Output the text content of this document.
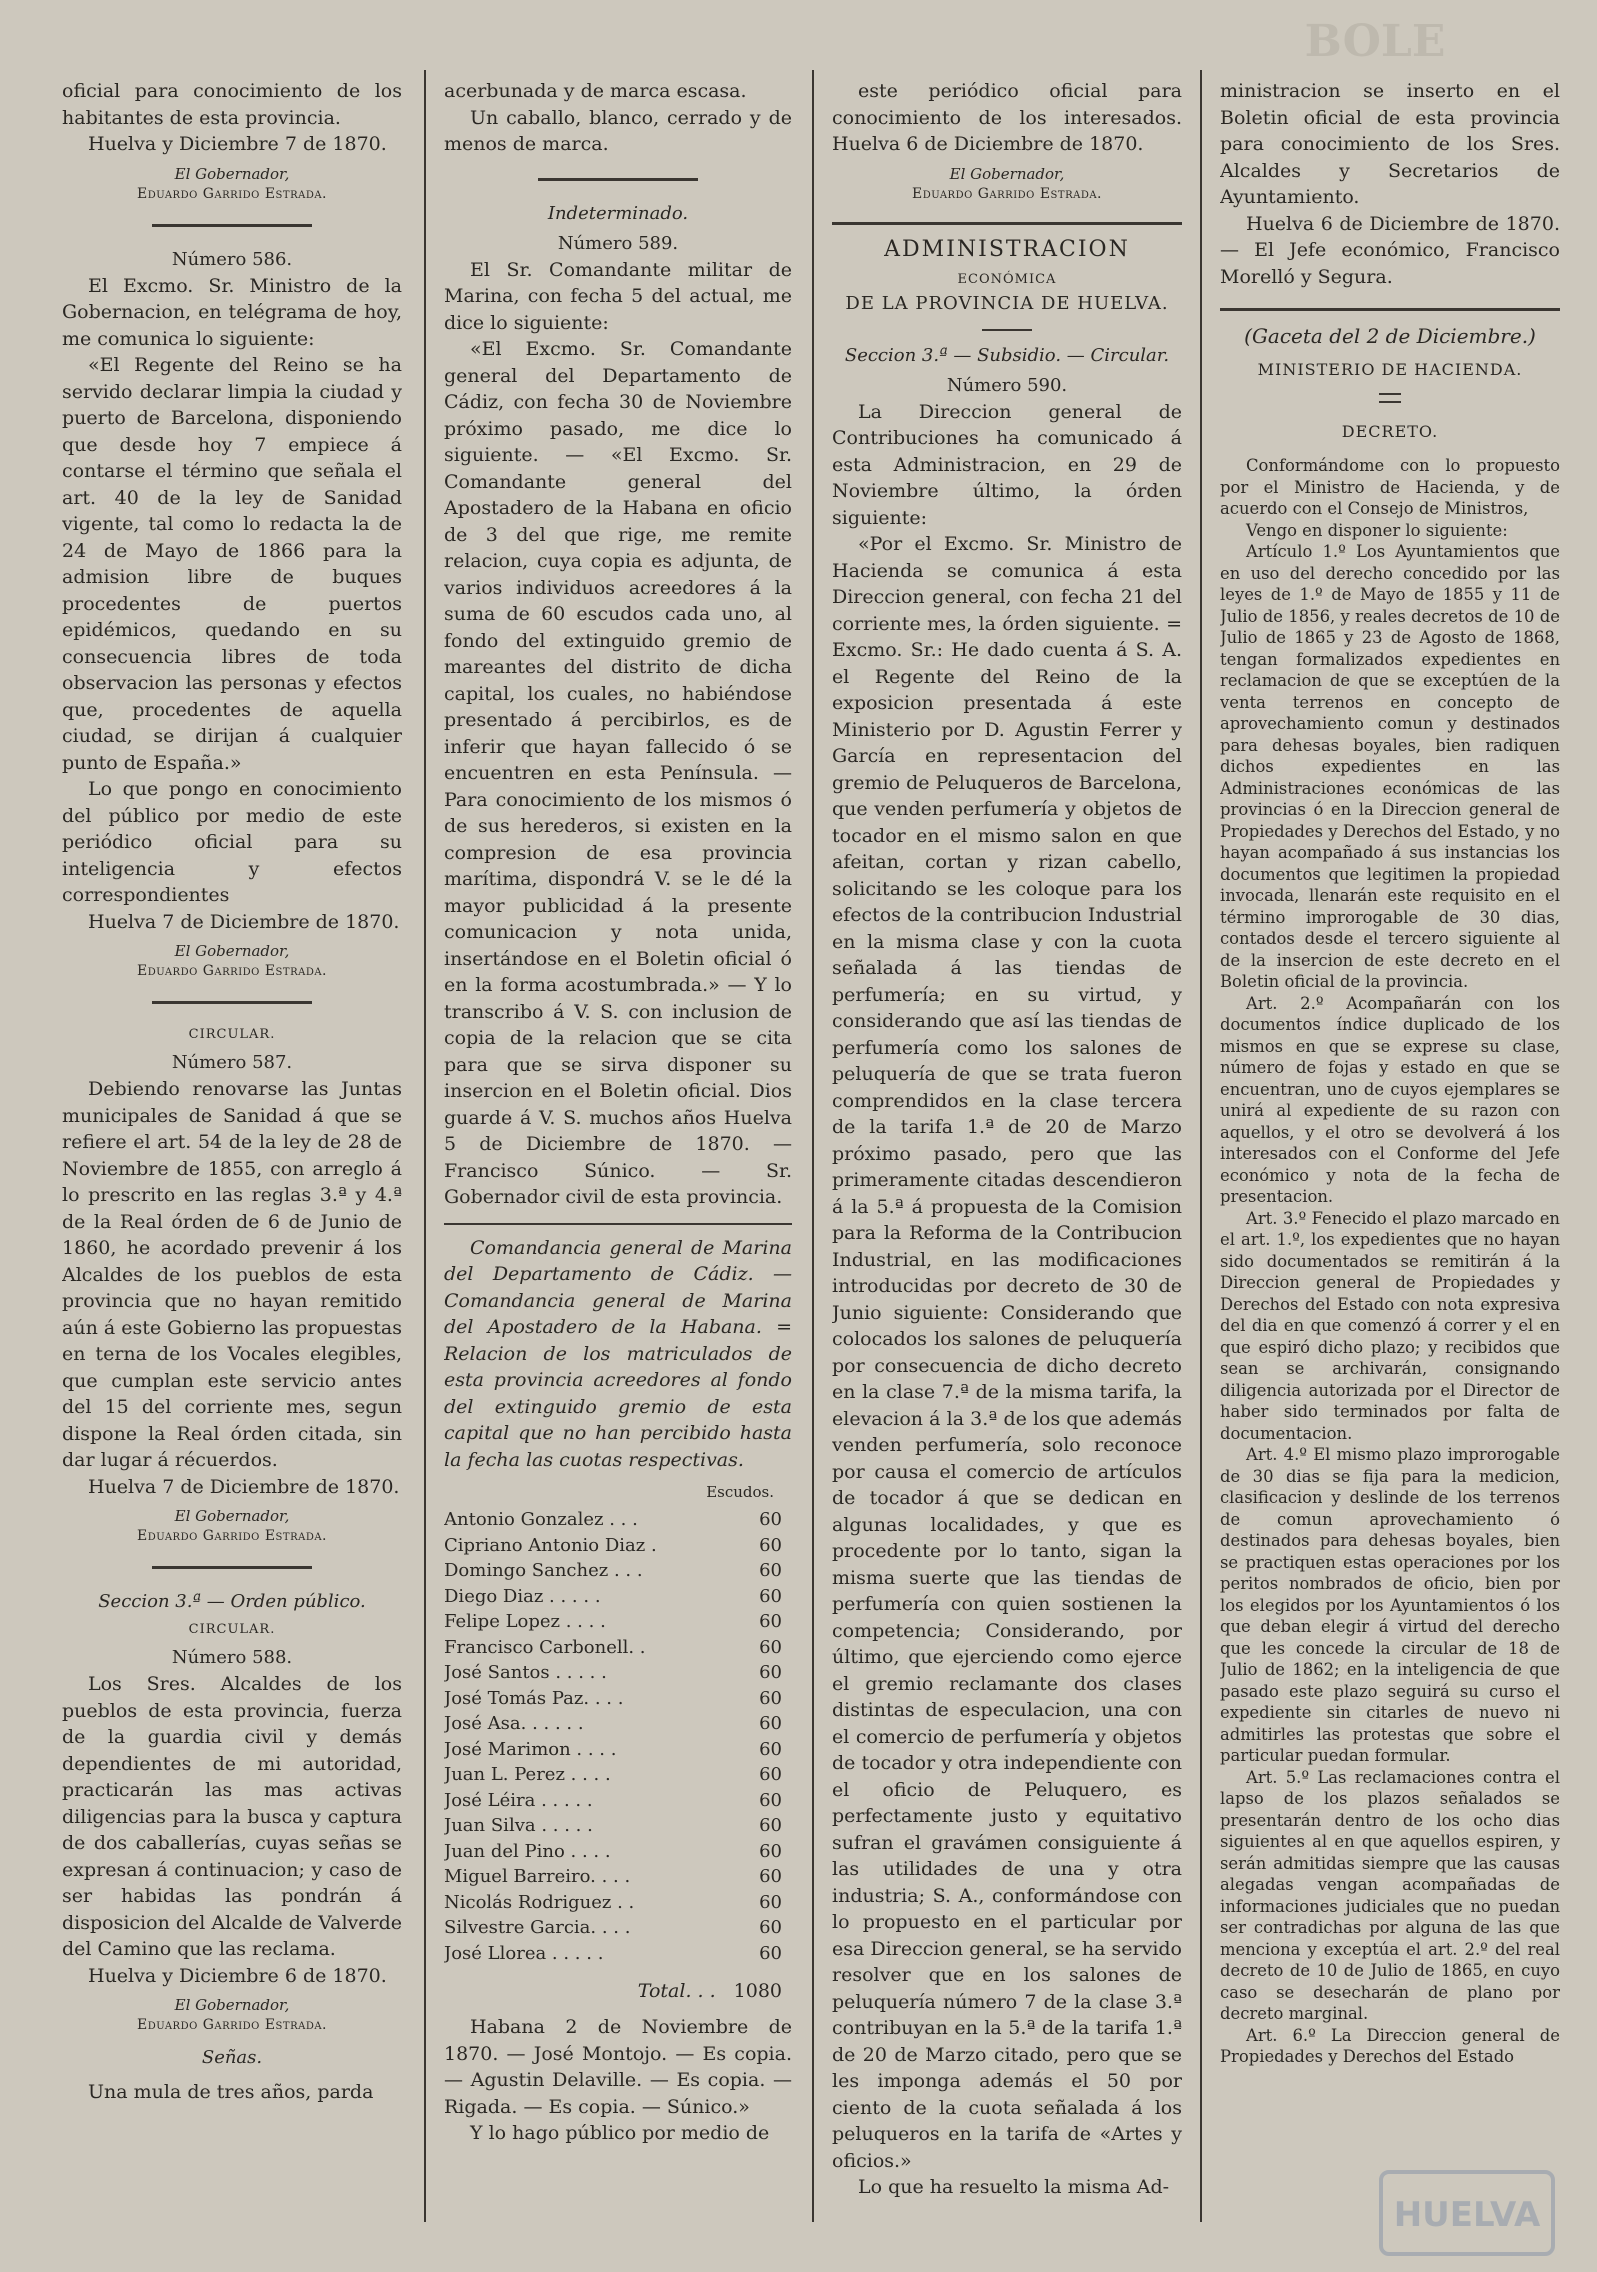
BOLE

oficial para conocimiento de los habitantes de esta provincia.

Huelva y Diciembre 7 de 1870.

El Gobernador,
Eduardo Garrido Estrada.
Número 586.

El Excmo. Sr. Ministro de la Gobernacion, en telégrama de hoy, me comunica lo siguiente:

«El Regente del Reino se ha servido declarar limpia la ciudad y puerto de Barcelona, disponiendo que desde hoy 7 empiece á contarse el término que señala el art. 40 de la ley de Sanidad vigente, tal como lo redacta la de 24 de Mayo de 1866 para la admision libre de buques procedentes de puertos epidémicos, quedando en su consecuencia libres de toda observacion las personas y efectos que, procedentes de aquella ciudad, se dirijan á cualquier punto de España.»

Lo que pongo en conocimiento del público por medio de este periódico oficial para su inteligencia y efectos correspondientes

Huelva 7 de Diciembre de 1870.

El Gobernador,
Eduardo Garrido Estrada.
CIRCULAR.
Número 587.

Debiendo renovarse las Juntas municipales de Sanidad á que se refiere el art. 54 de la ley de 28 de Noviembre de 1855, con arreglo á lo prescrito en las reglas 3.ª y 4.ª de la Real órden de 6 de Junio de 1860, he acordado prevenir á los Alcaldes de los pueblos de esta provincia que no hayan remitido aún á este Gobierno las propuestas en terna de los Vocales elegibles, que cumplan este servicio antes del 15 del corriente mes, segun dispone la Real órden citada, sin dar lugar á récuerdos.

Huelva 7 de Diciembre de 1870.

El Gobernador,
Eduardo Garrido Estrada.
Seccion 3.ª — Orden público.
CIRCULAR.
Número 588.

Los Sres. Alcaldes de los pueblos de esta provincia, fuerza de la guardia civil y demás dependientes de mi autoridad, practicarán las mas activas diligencias para la busca y captura de dos caballerías, cuyas señas se expresan á continuacion; y caso de ser habidas las pondrán á disposicion del Alcalde de Valverde del Camino que las reclama.

Huelva y Diciembre 6 de 1870.

El Gobernador,
Eduardo Garrido Estrada.
Señas.

Una mula de tres años, parda

acerbunada y de marca escasa.

Un caballo, blanco, cerrado y de menos de marca.

Indeterminado.
Número 589.

El Sr. Comandante militar de Marina, con fecha 5 del actual, me dice lo siguiente:

«El Excmo. Sr. Comandante general del Departamento de Cádiz, con fecha 30 de Noviembre próximo pasado, me dice lo siguiente. — «El Excmo. Sr. Comandante general del Apostadero de la Habana en oficio de 3 del que rige, me remite relacion, cuya copia es adjunta, de varios individuos acreedores á la suma de 60 escudos cada uno, al fondo del extinguido gremio de mareantes del distrito de dicha capital, los cuales, no habiéndose presentado á percibirlos, es de inferir que hayan fallecido ó se encuentren en esta Península. — Para conocimiento de los mismos ó de sus herederos, si existen en la compresion de esa provincia marítima, dispondrá V. se le dé la mayor publicidad á la presente comunicacion y nota unida, insertándose en el Boletin oficial ó en la forma acostumbrada.» — Y lo transcribo á V. S. con inclusion de copia de la relacion que se cita para que se sirva disponer su insercion en el Boletin oficial. Dios guarde á V. S. muchos años Huelva 5 de Diciembre de 1870. — Francisco Súnico. — Sr. Gobernador civil de esta provincia.

Comandancia general de Marina del Departamento de Cádiz. — Comandancia general de Marina del Apostadero de la Habana. = Relacion de los matriculados de esta provincia acreedores al fondo del extinguido gremio de esta capital que no han percibido hasta la fecha las cuotas respectivas.

Escudos.
Antonio Gonzalez . . .	60
Cipriano Antonio Diaz .	60
Domingo Sanchez . . .	60
Diego Diaz . . . . .	60
Felipe Lopez . . . .	60
Francisco Carbonell. .	60
José Santos . . . . .	60
José Tomás Paz. . . .	60
José Asa. . . . . .	60
José Marimon . . . .	60
Juan L. Perez . . . .	60
José Léira . . . . .	60
Juan Silva . . . . .	60
Juan del Pino . . . .	60
Miguel Barreiro. . . .	60
Nicolás Rodriguez . .	60
Silvestre Garcia. . . .	60
José Llorea . . . . .	60
Total. . . 1080

Habana 2 de Noviembre de 1870. — José Montojo. — Es copia. — Agustin Delaville. — Es copia. — Rigada. — Es copia. — Súnico.»

Y lo hago público por medio de

este periódico oficial para conocimiento de los interesados. Huelva 6 de Diciembre de 1870.

El Gobernador,
Eduardo Garrido Estrada.
ADMINISTRACION
ECONÓMICA
DE LA PROVINCIA DE HUELVA.
Seccion 3.ª — Subsidio. — Circular.
Número 590.

La Direccion general de Contribuciones ha comunicado á esta Administracion, en 29 de Noviembre último, la órden siguiente:

«Por el Excmo. Sr. Ministro de Hacienda se comunica á esta Direccion general, con fecha 21 del corriente mes, la órden siguiente. = Excmo. Sr.: He dado cuenta á S. A. el Regente del Reino de la exposicion presentada á este Ministerio por D. Agustin Ferrer y García en representacion del gremio de Peluqueros de Barcelona, que venden perfumería y objetos de tocador en el mismo salon en que afeitan, cortan y rizan cabello, solicitando se les coloque para los efectos de la contribucion Industrial en la misma clase y con la cuota señalada á las tiendas de perfumería; en su virtud, y considerando que así las tiendas de perfumería como los salones de peluquería de que se trata fueron comprendidos en la clase tercera de la tarifa 1.ª de 20 de Marzo próximo pasado, pero que las primeramente citadas descendieron á la 5.ª á propuesta de la Comision para la Reforma de la Contribucion Industrial, en las modificaciones introducidas por decreto de 30 de Junio siguiente: Considerando que colocados los salones de peluquería por consecuencia de dicho decreto en la clase 7.ª de la misma tarifa, la elevacion á la 3.ª de los que además venden perfumería, solo reconoce por causa el comercio de artículos de tocador á que se dedican en algunas localidades, y que es procedente por lo tanto, sigan la misma suerte que las tiendas de perfumería con quien sostienen la competencia; Considerando, por último, que ejerciendo como ejerce el gremio reclamante dos clases distintas de especulacion, una con el comercio de perfumería y objetos de tocador y otra independiente con el oficio de Peluquero, es perfectamente justo y equitativo sufran el gravámen consiguiente á las utilidades de una y otra industria; S. A., conformándose con lo propuesto en el particular por esa Direccion general, se ha servido resolver que en los salones de peluquería número 7 de la clase 3.ª contribuyan en la 5.ª de la tarifa 1.ª de 20 de Marzo citado, pero que se les imponga además el 50 por ciento de la cuota señalada á los peluqueros en la tarifa de «Artes y oficios.»

Lo que ha resuelto la misma Ad-

ministracion se inserto en el Boletin oficial de esta provincia para conocimiento de los Sres. Alcaldes y Secretarios de Ayuntamiento.

Huelva 6 de Diciembre de 1870. — El Jefe económico, Francisco Morelló y Segura.

(Gaceta del 2 de Diciembre.)
MINISTERIO DE HACIENDA.
DECRETO.

Conformándome con lo propuesto por el Ministro de Hacienda, y de acuerdo con el Consejo de Ministros,

Vengo en disponer lo siguiente:

Artículo 1.º Los Ayuntamientos que en uso del derecho concedido por las leyes de 1.º de Mayo de 1855 y 11 de Julio de 1856, y reales decretos de 10 de Julio de 1865 y 23 de Agosto de 1868, tengan formalizados expedientes en reclamacion de que se exceptúen de la venta terrenos en concepto de aprovechamiento comun y destinados para dehesas boyales, bien radiquen dichos expedientes en las Administraciones económicas de las provincias ó en la Direccion general de Propiedades y Derechos del Estado, y no hayan acompañado á sus instancias los documentos que legitimen la propiedad invocada, llenarán este requisito en el término improrogable de 30 dias, contados desde el tercero siguiente al de la insercion de este decreto en el Boletin oficial de la provincia.

Art. 2.º Acompañarán con los documentos índice duplicado de los mismos en que se exprese su clase, número de fojas y estado en que se encuentran, uno de cuyos ejemplares se unirá al expediente de su razon con aquellos, y el otro se devolverá á los interesados con el Conforme del Jefe económico y nota de la fecha de presentacion.

Art. 3.º Fenecido el plazo marcado en el art. 1.º, los expedientes que no hayan sido documentados se remitirán á la Direccion general de Propiedades y Derechos del Estado con nota expresiva del dia en que comenzó á correr y el en que espiró dicho plazo; y recibidos que sean se archivarán, consignando diligencia autorizada por el Director de haber sido terminados por falta de documentacion.

Art. 4.º El mismo plazo improrogable de 30 dias se fija para la medicion, clasificacion y deslinde de los terrenos de comun aprovechamiento ó destinados para dehesas boyales, bien se practiquen estas operaciones por los peritos nombrados de oficio, bien por los elegidos por los Ayuntamientos ó los que deban elegir á virtud del derecho que les concede la circular de 18 de Julio de 1862; en la inteligencia de que pasado este plazo seguirá su curso el expediente sin citarles de nuevo ni admitirles las protestas que sobre el particular puedan formular.

Art. 5.º Las reclamaciones contra el lapso de los plazos señalados se presentarán dentro de los ocho dias siguientes al en que aquellos espiren, y serán admitidas siempre que las causas alegadas vengan acompañadas de informaciones judiciales que no puedan ser contradichas por alguna de las que menciona y exceptúa el art. 2.º del real decreto de 10 de Julio de 1865, en cuyo caso se desecharán de plano por decreto marginal.

Art. 6.º La Direccion general de Propiedades y Derechos del Estado

HUELVA
